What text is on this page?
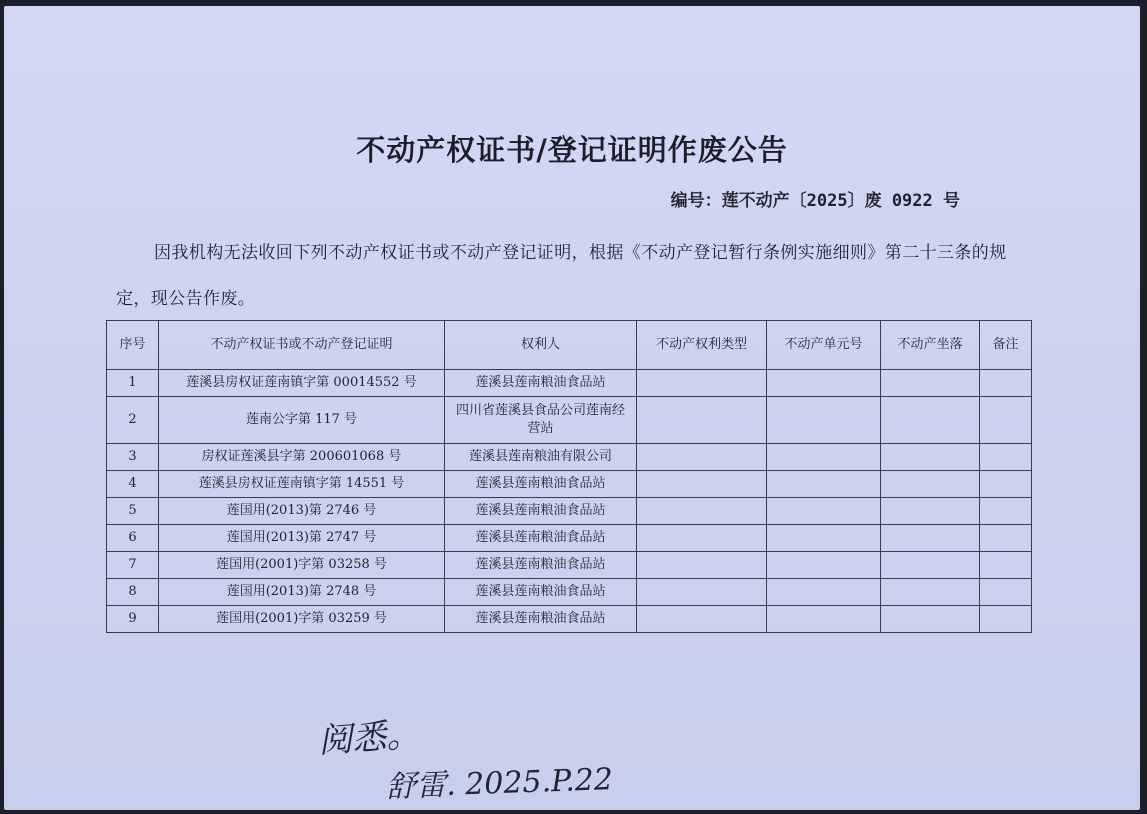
不动产权证书/登记证明作废公告
编号：莲不动产〔2025〕废 0922 号
因我机构无法收回下列不动产权证书或不动产登记证明，根据《不动产登记暂行条例实施细则》第二十三条的规定，现公告作废。
序号	不动产权证书或不动产登记证明	权利人	不动产权利类型	不动产单元号	不动产坐落	备注
1	莲溪县房权证莲南镇字第 00014552 号	莲溪县莲南粮油食品站				
2	莲南公字第 117 号	四川省莲溪县食品公司莲南经营站				
3	房权证莲溪县字第 200601068 号	莲溪县莲南粮油有限公司				
4	莲溪县房权证莲南镇字第 14551 号	莲溪县莲南粮油食品站				
5	莲国用(2013)第 2746 号	莲溪县莲南粮油食品站				
6	莲国用(2013)第 2747 号	莲溪县莲南粮油食品站				
7	莲国用(2001)字第 03258 号	莲溪县莲南粮油食品站				
8	莲国用(2013)第 2748 号	莲溪县莲南粮油食品站				
9	莲国用(2001)字第 03259 号	莲溪县莲南粮油食品站				
阅悉。
舒雷. 2025.P.22
